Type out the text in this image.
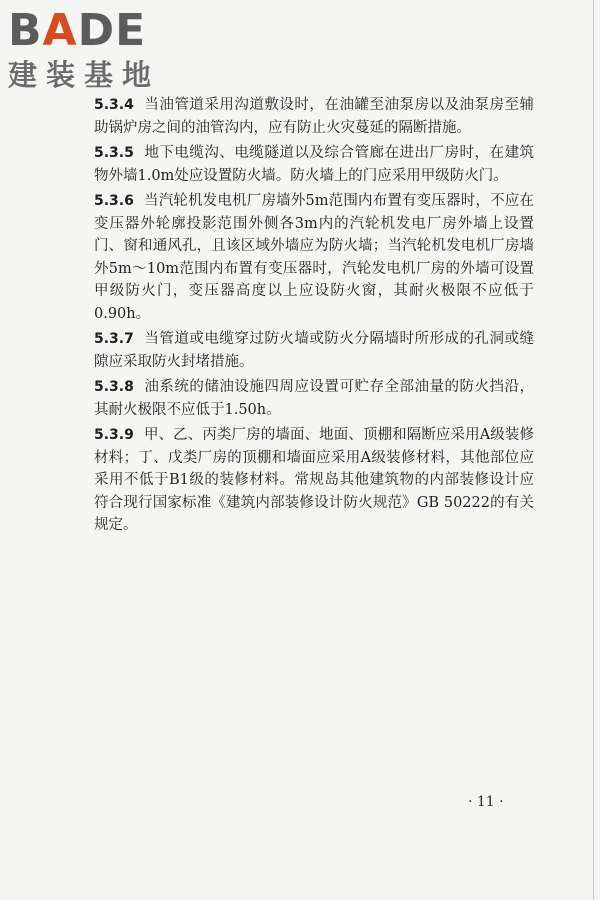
BADE
建装基地

5.3.4 当油管道采用沟道敷设时，在油罐至油泵房以及油泵房至辅助锅炉房之间的油管沟内，应有防止火灾蔓延的隔断措施。

5.3.5 地下电缆沟、电缆隧道以及综合管廊在进出厂房时，在建筑物外墙1.0m处应设置防火墙。防火墙上的门应采用甲级防火门。

5.3.6 当汽轮机发电机厂房墙外5m范围内布置有变压器时，不应在变压器外轮廓投影范围外侧各3m内的汽轮机发电厂房外墙上设置门、窗和通风孔，且该区域外墙应为防火墙；当汽轮机发电机厂房墙外5m～10m范围内布置有变压器时，汽轮发电机厂房的外墙可设置甲级防火门，变压器高度以上应设防火窗，其耐火极限不应低于0.90h。

5.3.7 当管道或电缆穿过防火墙或防火分隔墙时所形成的孔洞或缝隙应采取防火封堵措施。

5.3.8 油系统的储油设施四周应设置可贮存全部油量的防火挡沿，其耐火极限不应低于1.50h。

5.3.9 甲、乙、丙类厂房的墙面、地面、顶棚和隔断应采用A级装修材料；丁、戊类厂房的顶棚和墙面应采用A级装修材料，其他部位应采用不低于B1级的装修材料。常规岛其他建筑物的内部装修设计应符合现行国家标准《建筑内部装修设计防火规范》GB 50222的有关规定。

· 11 ·
